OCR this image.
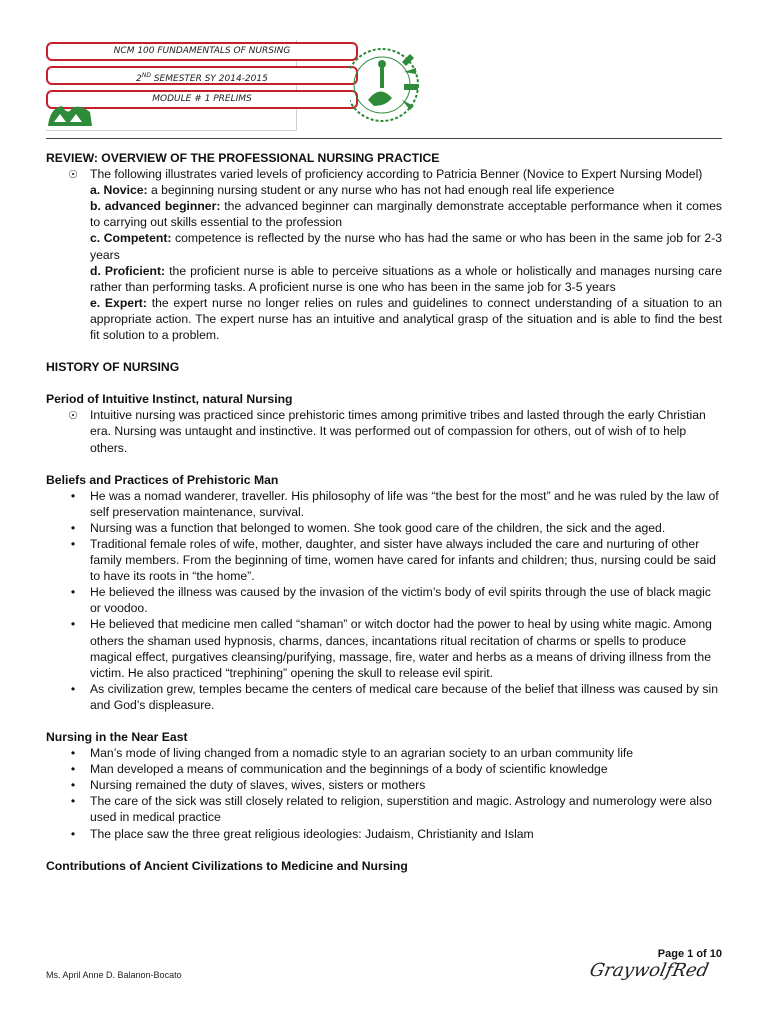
NCM 100 FUNDAMENTALS OF NURSING
2ND SEMESTER SY 2014-2015
MODULE # 1 PRELIMS

REVIEW: OVERVIEW OF THE PROFESSIONAL NURSING PRACTICE

☉ The following illustrates varied levels of proficiency according to Patricia Benner (Novice to Expert Nursing Model)
a. Novice: a beginning nursing student or any nurse who has not had enough real life experience
b. advanced beginner: the advanced beginner can marginally demonstrate acceptable performance when it comes to carrying out skills essential to the profession
c. Competent: competence is reflected by the nurse who has had the same or who has been in the same job for 2-3 years
d. Proficient: the proficient nurse is able to perceive situations as a whole or holistically and manages nursing care rather than performing tasks. A proficient nurse is one who has been in the same job for 3-5 years
e. Expert: the expert nurse no longer relies on rules and guidelines to connect understanding of a situation to an appropriate action. The expert nurse has an intuitive and analytical grasp of the situation and is able to find the best fit solution to a problem.

HISTORY OF NURSING

Period of Intuitive Instinct, natural Nursing

☉ Intuitive nursing was practiced since prehistoric times among primitive tribes and lasted through the early Christian era. Nursing was untaught and instinctive. It was performed out of compassion for others, out of wish of to help others.

Beliefs and Practices of Prehistoric Man

•	He was a nomad wanderer, traveller. His philosophy of life was “the best for the most” and he was ruled by the law of self preservation maintenance, survival.
•	Nursing was a function that belonged to women. She took good care of the children, the sick and the aged.
•	Traditional female roles of wife, mother, daughter, and sister have always included the care and nurturing of other family members. From the beginning of time, women have cared for infants and children; thus, nursing could be said to have its roots in “the home”.
•	He believed the illness was caused by the invasion of the victim’s body of evil spirits through the use of black magic or voodoo.
•	He believed that medicine men called “shaman” or witch doctor had the power to heal by using white magic. Among others the shaman used hypnosis, charms, dances, incantations ritual recitation of charms or spells to produce magical effect, purgatives cleansing/purifying, massage, fire, water and herbs as a means of driving illness from the victim. He also practiced “trephining” opening the skull to release evil spirit.
•	As civilization grew, temples became the centers of medical care because of the belief that illness was caused by sin and God’s displeasure.

Nursing in the Near East

•	Man’s mode of living changed from a nomadic style to an agrarian society to an urban community life
•	Man developed a means of communication and the beginnings of a body of scientific knowledge
•	Nursing remained the duty of slaves, wives, sisters or mothers
•	The care of the sick was still closely related to religion, superstition and magic. Astrology and numerology were also used in medical practice
•	The place saw the three great religious ideologies: Judaism, Christianity and Islam

Contributions of Ancient Civilizations to Medicine and Nursing

Page 1 of 10
Ms. April Anne D. Balanon-Bocato	GraywolfRed
